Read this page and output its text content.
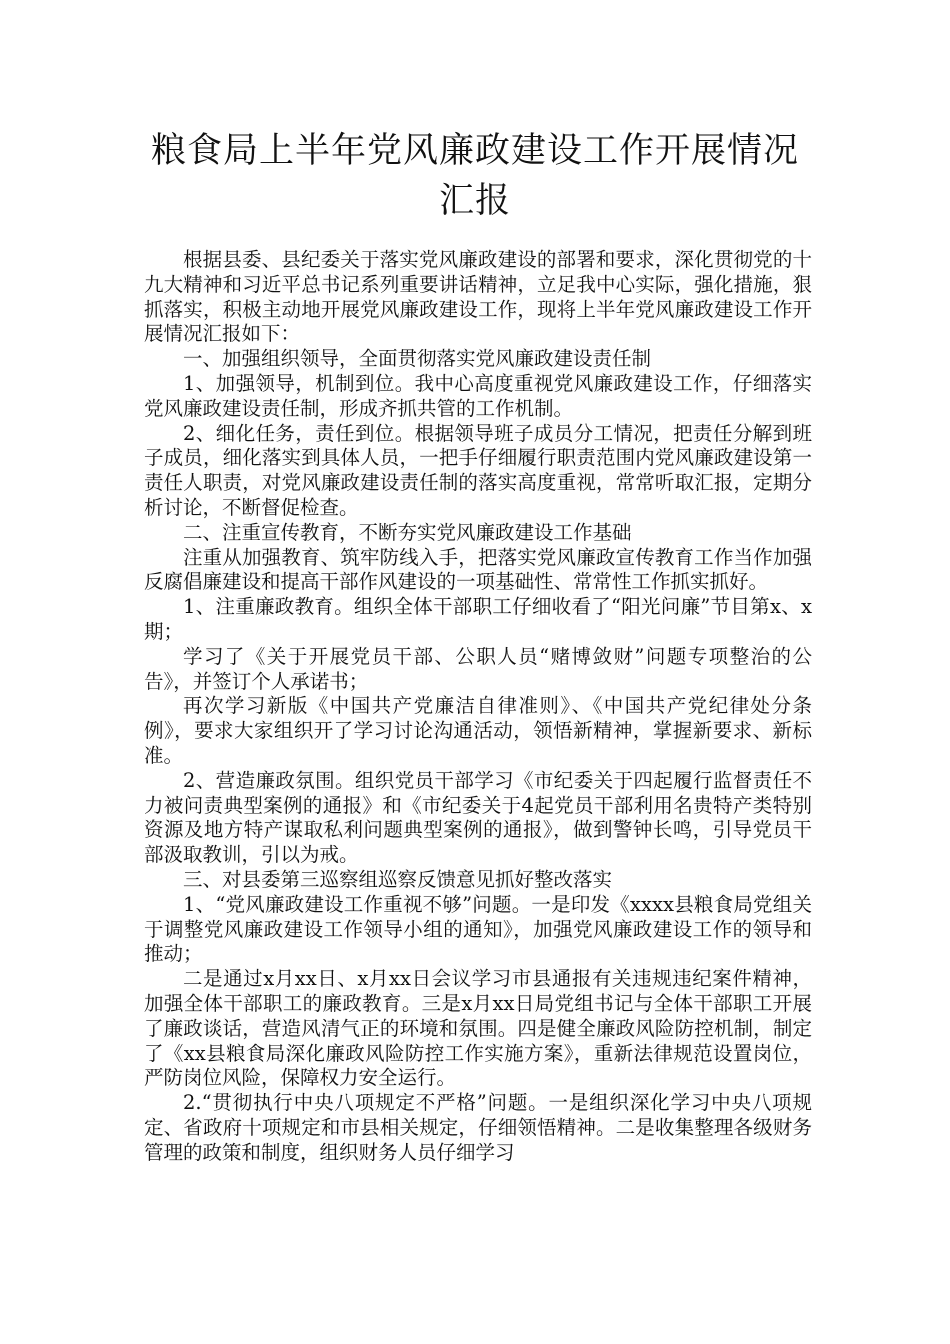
粮食局上半年党风廉政建设工作开展情况
汇报

根据县委、县纪委关于落实党风廉政建设的部署和要求，深化贯彻党的十九大精神和习近平总书记系列重要讲话精神，立足我中心实际，强化措施，狠抓落实，积极主动地开展党风廉政建设工作，现将上半年党风廉政建设工作开展情况汇报如下：

一、加强组织领导，全面贯彻落实党风廉政建设责任制

1、加强领导，机制到位。我中心高度重视党风廉政建设工作，仔细落实党风廉政建设责任制，形成齐抓共管的工作机制。

2、细化任务，责任到位。根据领导班子成员分工情况，把责任分解到班子成员，细化落实到具体人员，一把手仔细履行职责范围内党风廉政建设第一责任人职责，对党风廉政建设责任制的落实高度重视，常常听取汇报，定期分析讨论，不断督促检查。

二、注重宣传教育，不断夯实党风廉政建设工作基础

注重从加强教育、筑牢防线入手，把落实党风廉政宣传教育工作当作加强反腐倡廉建设和提高干部作风建设的一项基础性、常常性工作抓实抓好。

1、注重廉政教育。组织全体干部职工仔细收看了“阳光问廉”节目第x、x期；

学习了《关于开展党员干部、公职人员“赌博敛财”问题专项整治的公告》，并签订个人承诺书；

再次学习新版《中国共产党廉洁自律准则》、《中国共产党纪律处分条例》，要求大家组织开了学习讨论沟通活动，领悟新精神，掌握新要求、新标准。

2、营造廉政氛围。组织党员干部学习《市纪委关于四起履行监督责任不力被问责典型案例的通报》和《市纪委关于4起党员干部利用名贵特产类特别资源及地方特产谋取私利问题典型案例的通报》，做到警钟长鸣，引导党员干部汲取教训，引以为戒。

三、对县委第三巡察组巡察反馈意见抓好整改落实

1、“党风廉政建设工作重视不够”问题。一是印发《xxxx县粮食局党组关于调整党风廉政建设工作领导小组的通知》，加强党风廉政建设工作的领导和推动；

二是通过x月xx日、x月xx日会议学习市县通报有关违规违纪案件精神，加强全体干部职工的廉政教育。三是x月xx日局党组书记与全体干部职工开展了廉政谈话，营造风清气正的环境和氛围。四是健全廉政风险防控机制，制定了《xx县粮食局深化廉政风险防控工作实施方案》，重新法律规范设置岗位，严防岗位风险，保障权力安全运行。

2.“贯彻执行中央八项规定不严格”问题。一是组织深化学习中央八项规定、省政府十项规定和市县相关规定，仔细领悟精神。二是收集整理各级财务管理的政策和制度，组织财务人员仔细学习
